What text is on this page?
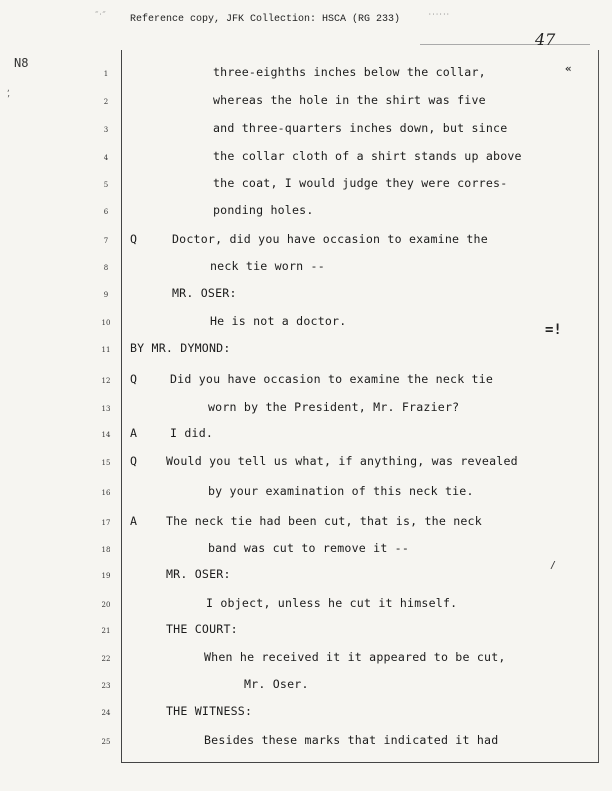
‴·‴ Reference copy, JFK Collection: HSCA (RG 233)	······
47
N8
,
’
«
=!
/
1	three-eighths inches below the collar,
2	whereas the hole in the shirt was five
3	and three-quarters inches down, but since
4	the collar cloth of a shirt stands up above
5	the coat, I would judge they were corres-
6	ponding holes.
7	Q	Doctor, did you have occasion to examine the
8	neck tie worn --
9	MR. OSER:
10	He is not a doctor.
11	BY MR. DYMOND:
12	Q	Did you have occasion to examine the neck tie
13	worn by the President, Mr. Frazier?
14	A	I did.
15	Q	Would you tell us what, if anything, was revealed
16	by your examination of this neck tie.
17	A	The neck tie had been cut, that is, the neck
18	band was cut to remove it --
19	MR. OSER:
20	I object, unless he cut it himself.
21	THE COURT:
22	When he received it it appeared to be cut,
23	Mr. Oser.
24	THE WITNESS:
25	Besides these marks that indicated it had
